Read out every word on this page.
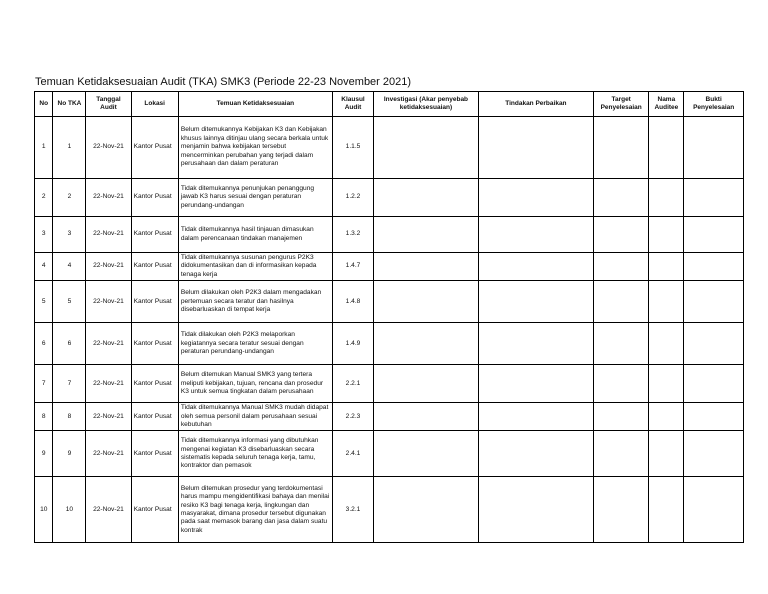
Temuan Ketidaksesuaian Audit (TKA) SMK3 (Periode 22-23 November 2021)
No	No TKA	Tanggal Audit	Lokasi	Temuan Ketidaksesuaian	Klausul Audit	Investigasi (Akar penyebab ketidaksesuaian)	Tindakan Perbaikan	Target Penyelesaian	Nama Auditee	Bukti Penyelesaian
1	1	22-Nov-21	Kantor Pusat	Belum ditemukannya Kebijakan K3 dan Kebijakan khusus lainnya ditinjau ulang secara berkala untuk menjamin bahwa kebijakan tersebut mencerminkan perubahan yang terjadi dalam perusahaan dan dalam peraturan	1.1.5					
2	2	22-Nov-21	Kantor Pusat	Tidak ditemukannya penunjukan penanggung jawab K3 harus sesuai dengan peraturan perundang-undangan	1.2.2					
3	3	22-Nov-21	Kantor Pusat	Tidak ditemukannya hasil tinjauan dimasukan dalam perencanaan tindakan manajemen	1.3.2					
4	4	22-Nov-21	Kantor Pusat	Tidak ditemukannya susunan pengurus P2K3 didokumentasikan dan di informasikan kepada tenaga kerja	1.4.7					
5	5	22-Nov-21	Kantor Pusat	Belum dilakukan oleh P2K3 dalam mengadakan pertemuan secara teratur dan hasilnya disebarluaskan di tempat kerja	1.4.8					
6	6	22-Nov-21	Kantor Pusat	Tidak dilakukan oleh P2K3 melaporkan kegiatannya secara teratur sesuai dengan peraturan perundang-undangan	1.4.9					
7	7	22-Nov-21	Kantor Pusat	Belum ditemukan Manual SMK3 yang tertera meliputi kebijakan, tujuan, rencana dan prosedur K3 untuk semua tingkatan dalam perusahaan	2.2.1					
8	8	22-Nov-21	Kantor Pusat	Tidak ditemukannya Manual SMK3 mudah didapat oleh semua personil dalam perusahaan sesuai kebutuhan	2.2.3					
9	9	22-Nov-21	Kantor Pusat	Tidak ditemukannya informasi yang dibutuhkan mengenai kegiatan K3 disebarluaskan secara sistematis kepada seluruh tenaga kerja, tamu, kontraktor dan pemasok	2.4.1					
10	10	22-Nov-21	Kantor Pusat	Belum ditemukan prosedur yang terdokumentasi harus mampu mengidentifikasi bahaya dan menilai resiko K3 bagi tenaga kerja, lingkungan dan masyarakat, dimana prosedur tersebut digunakan pada saat memasok barang dan jasa dalam suatu kontrak	3.2.1					
